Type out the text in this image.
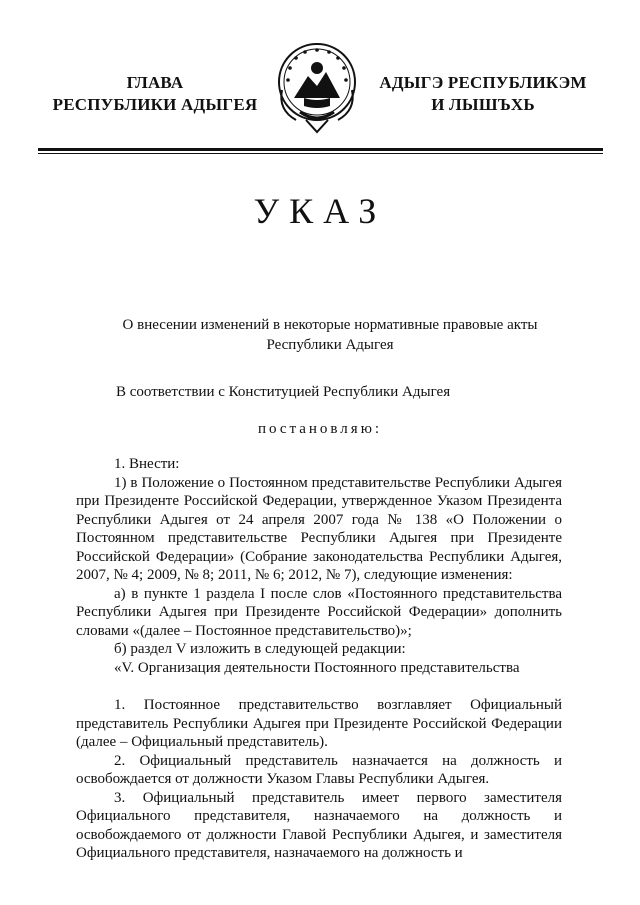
ГЛАВА
РЕСПУБЛИКИ АДЫГЕЯ
АДЫГЭ РЕСПУБЛИКЭМ
И ЛЫШЪХЬ
УКАЗ
О внесении изменений в некоторые нормативные правовые акты
Республики Адыгея
В соответствии с Конституцией Республики Адыгея
постановляю:

1. Внести:

1) в Положение о Постоянном представительстве Республики Адыгея при Президенте Российской Федерации, утвержденное Указом Президента Республики Адыгея от 24 апреля 2007 года № 138 «О Положении о Постоянном представительстве Республики Адыгея при Президенте Российской Федерации» (Собрание законодательства Республики Адыгея, 2007, № 4; 2009, № 8; 2011, № 6; 2012, № 7), следующие изменения:

а) в пункте 1 раздела I после слов «Постоянного представительства Республики Адыгея при Президенте Российской Федерации» дополнить словами «(далее – Постоянное представительство)»;

б) раздел V изложить в следующей редакции:

«V. Организация деятельности Постоянного представительства

1. Постоянное представительство возглавляет Официальный представитель Республики Адыгея при Президенте Российской Федерации (далее – Официальный представитель).

2. Официальный представитель назначается на должность и освобождается от должности Указом Главы Республики Адыгея.

3. Официальный представитель имеет первого заместителя Официального представителя, назначаемого на должность и освобождаемого от должности Главой Республики Адыгея, и заместителя Официального представителя, назначаемого на должность и
